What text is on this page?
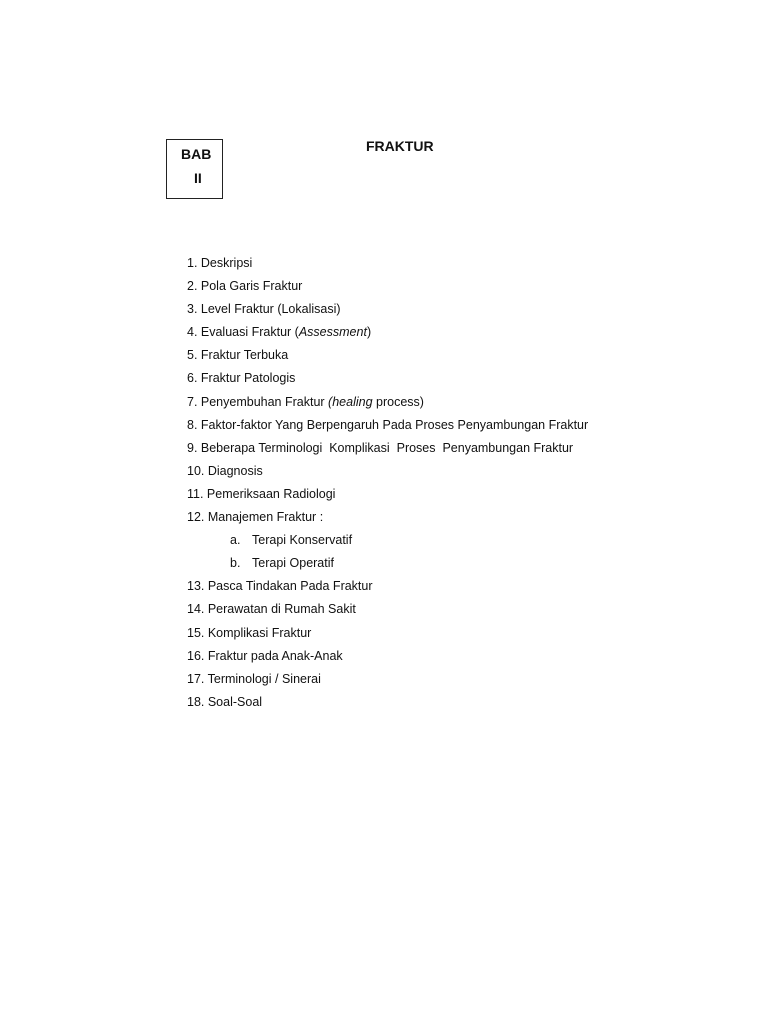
BAB
II
FRAKTUR
1. Deskripsi
2. Pola Garis Fraktur
3. Level Fraktur (Lokalisasi)
4. Evaluasi Fraktur (Assessment)
5. Fraktur Terbuka
6. Fraktur Patologis
7. Penyembuhan Fraktur (healing process)
8. Faktor-faktor Yang Berpengaruh Pada Proses Penyambungan Fraktur
9. Beberapa Terminologi  Komplikasi  Proses  Penyambungan Fraktur
10. Diagnosis
11. Pemeriksaan Radiologi
12. Manajemen Fraktur :
a. Terapi Konservatif
b. Terapi Operatif
13. Pasca Tindakan Pada Fraktur
14. Perawatan di Rumah Sakit
15. Komplikasi Fraktur
16. Fraktur pada Anak-Anak
17. Terminologi / Sinerai
18. Soal-Soal
